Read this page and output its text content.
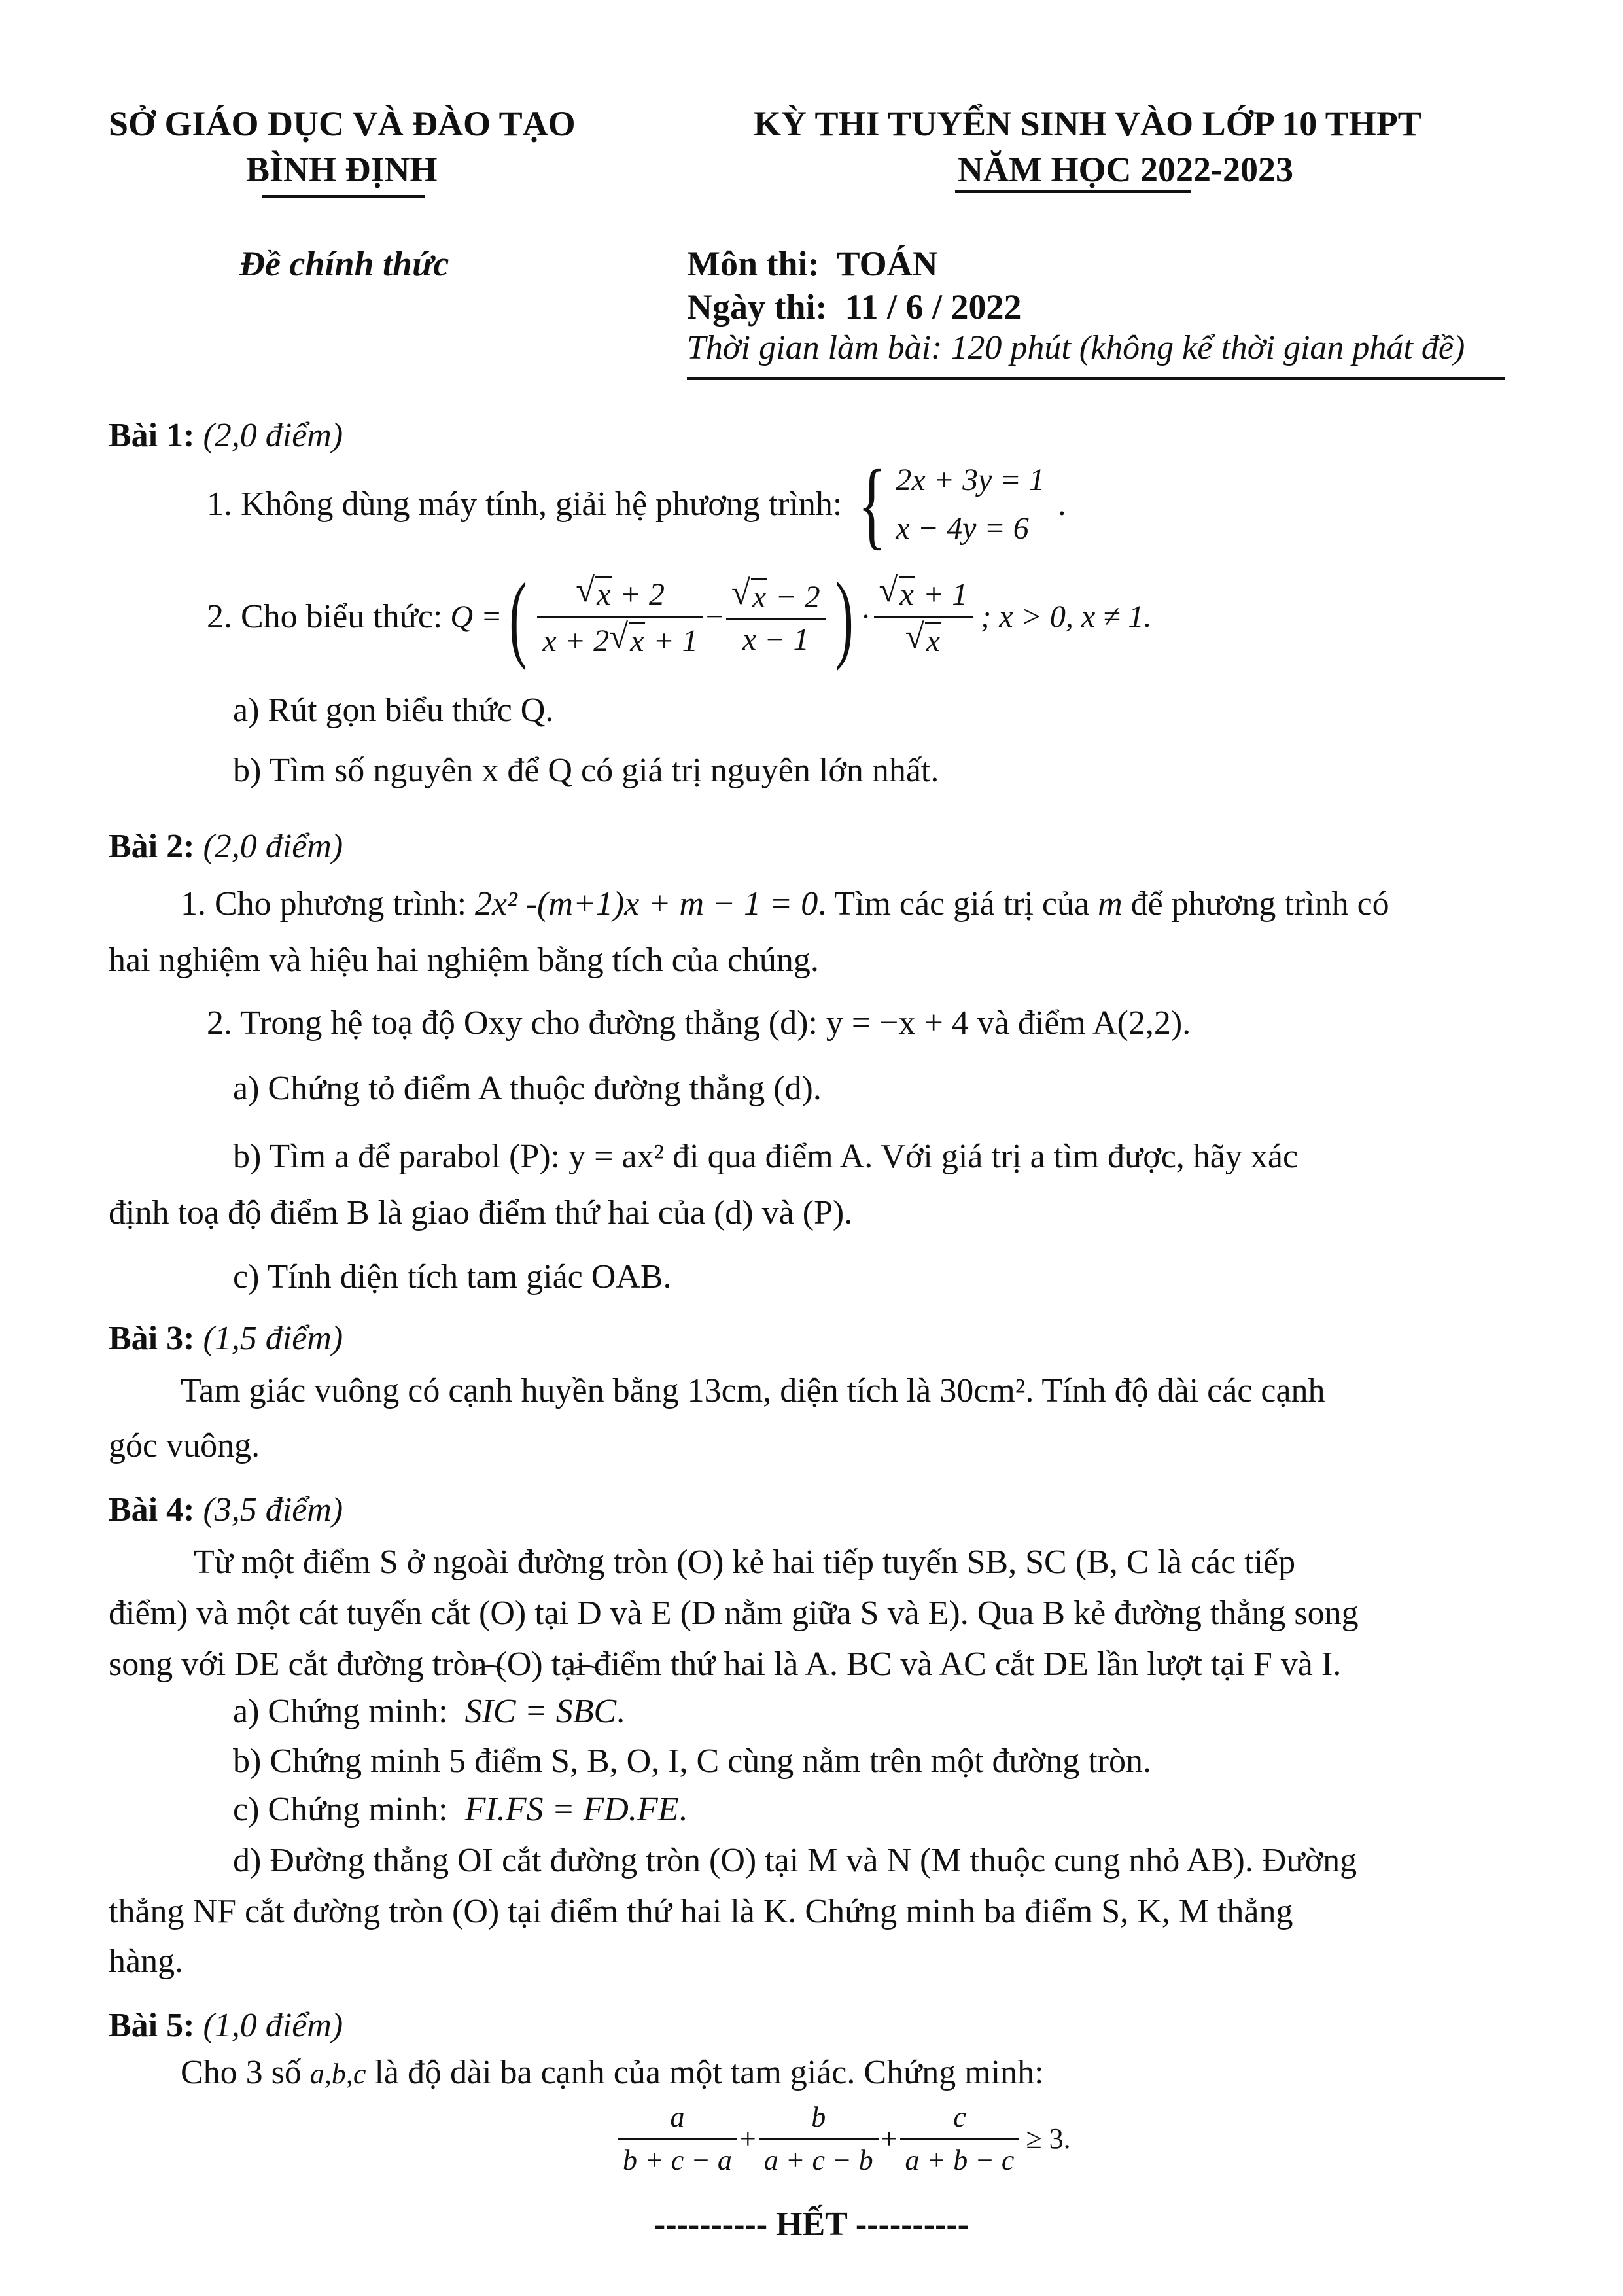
SỞ GIÁO DỤC VÀ ĐÀO TẠO
BÌNH ĐỊNH
Đề chính thức
KỲ THI TUYỂN SINH VÀO LỚP 10 THPT
NĂM HỌC 2022-2023
Môn thi: TOÁN
Ngày thi: 11 / 6 / 2022
Thời gian làm bài: 120 phút (không kể thời gian phát đề)
Bài 1: (2,0 điểm)
1. Không dùng máy tính, giải hệ phương trình: { 2x + 3y = 1
x − 4y = 6
.
2. Cho biểu thức:
Q = ( $\frac{√ x + 2}{x + 2 √ x + 1} - \frac{√ x - 2}{x - 1}$ ) · $\frac{√ x + 1}{√ x}$ ; x > 0, x ≠ 1.
a) Rút gọn biểu thức Q.
b) Tìm số nguyên x để Q có giá trị nguyên lớn nhất.
Bài 2: (2,0 điểm)
1. Cho phương trình: 2x² -(m+1)x + m − 1 = 0. Tìm các giá trị của m để phương trình có
hai nghiệm và hiệu hai nghiệm bằng tích của chúng.
2. Trong hệ toạ độ Oxy cho đường thẳng (d): y = −x + 4 và điểm A(2,2).
a) Chứng tỏ điểm A thuộc đường thẳng (d).
b) Tìm a để parabol (P): y = ax² đi qua điểm A. Với giá trị a tìm được, hãy xác
định toạ độ điểm B là giao điểm thứ hai của (d) và (P).
c) Tính diện tích tam giác OAB.
Bài 3: (1,5 điểm)
Tam giác vuông có cạnh huyền bằng 13cm, diện tích là 30cm². Tính độ dài các cạnh
góc vuông.
Bài 4: (3,5 điểm)
Từ một điểm S ở ngoài đường tròn (O) kẻ hai tiếp tuyến SB, SC (B, C là các tiếp
điểm) và một cát tuyến cắt (O) tại D và E (D nằm giữa S và E). Qua B kẻ đường thẳng song
song với DE cắt đường tròn (O) tại điểm thứ hai là A. BC và AC cắt DE lần lượt tại F và I.
a) Chứng minh: ⌒ SIC = ⌒ SBC.
b) Chứng minh 5 điểm S, B, O, I, C cùng nằm trên một đường tròn.
c) Chứng minh: FI.FS = FD.FE.
d) Đường thẳng OI cắt đường tròn (O) tại M và N (M thuộc cung nhỏ AB). Đường
thẳng NF cắt đường tròn (O) tại điểm thứ hai là K. Chứng minh ba điểm S, K, M thẳng
hàng.
Bài 5: (1,0 điểm)
Cho 3 số a,b,c là độ dài ba cạnh của một tam giác. Chứng minh:
$\frac{a}{b + c - a} + \frac{b}{a + c - b} + \frac{c}{a + b - c} \ge 3$.
---------- HẾT ----------
